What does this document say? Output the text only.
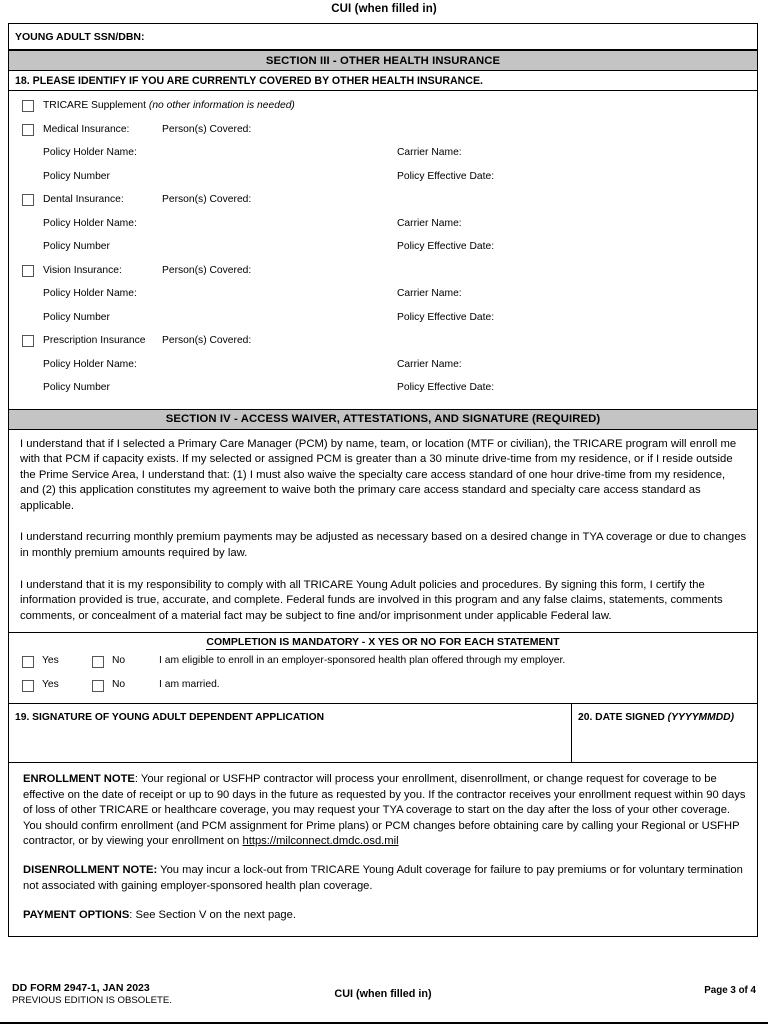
CUI (when filled in)
YOUNG ADULT SSN/DBN:
SECTION III - OTHER HEALTH INSURANCE
18. PLEASE IDENTIFY IF YOU ARE CURRENTLY COVERED BY OTHER HEALTH INSURANCE.
TRICARE Supplement (no other information is needed)
Medical Insurance:	Person(s) Covered:
Policy Holder Name:	Carrier Name:
Policy Number	Policy Effective Date:
Dental Insurance:	Person(s) Covered:
Policy Holder Name:	Carrier Name:
Policy Number	Policy Effective Date:
Vision Insurance:	Person(s) Covered:
Policy Holder Name:	Carrier Name:
Policy Number	Policy Effective Date:
Prescription Insurance Person(s) Covered:
Policy Holder Name:	Carrier Name:
Policy Number	Policy Effective Date:
SECTION IV - ACCESS WAIVER, ATTESTATIONS, AND SIGNATURE (REQUIRED)

I understand that if I selected a Primary Care Manager (PCM) by name, team, or location (MTF or civilian), the TRICARE program will enroll me with that PCM if capacity exists. If my selected or assigned PCM is greater than a 30 minute drive-time from my residence, or if I reside outside the Prime Service Area, I understand that: (1) I must also waive the specialty care access standard of one hour drive-time from my residence, and (2) this application constitutes my agreement to waive both the primary care access standard and specialty care access standard as applicable.

I understand recurring monthly premium payments may be adjusted as necessary based on a desired change in TYA coverage or due to changes in monthly premium amounts required by law.

I understand that it is my responsibility to comply with all TRICARE Young Adult policies and procedures. By signing this form, I certify the information provided is true, accurate, and complete. Federal funds are involved in this program and any false claims, statements, comments comments, or concealment of a material fact may be subject to fine and/or imprisonment under applicable Federal law.

COMPLETION IS MANDATORY - X YES OR NO FOR EACH STATEMENT
Yes	No	I am eligible to enroll in an employer-sponsored health plan offered through my employer.
Yes	No	I am married.
19. SIGNATURE OF YOUNG ADULT DEPENDENT APPLICATION	20. DATE SIGNED (YYYYMMDD)

ENROLLMENT NOTE: Your regional or USFHP contractor will process your enrollment, disenrollment, or change request for coverage to be effective on the date of receipt or up to 90 days in the future as requested by you. If the contractor receives your enrollment request within 90 days of loss of other TRICARE or healthcare coverage, you may request your TYA coverage to start on the day after the loss of your other coverage. You should confirm enrollment (and PCM assignment for Prime plans) or PCM changes before obtaining care by calling your Regional or USFHP contractor, or by viewing your enrollment on https://milconnect.dmdc.osd.mil

DISENROLLMENT NOTE: You may incur a lock-out from TRICARE Young Adult coverage for failure to pay premiums or for voluntary termination not associated with gaining employer-sponsored health plan coverage.

PAYMENT OPTIONS: See Section V on the next page.

DD FORM 2947-1, JAN 2023
PREVIOUS EDITION IS OBSOLETE.
CUI (when filled in)	Page 3 of 4
